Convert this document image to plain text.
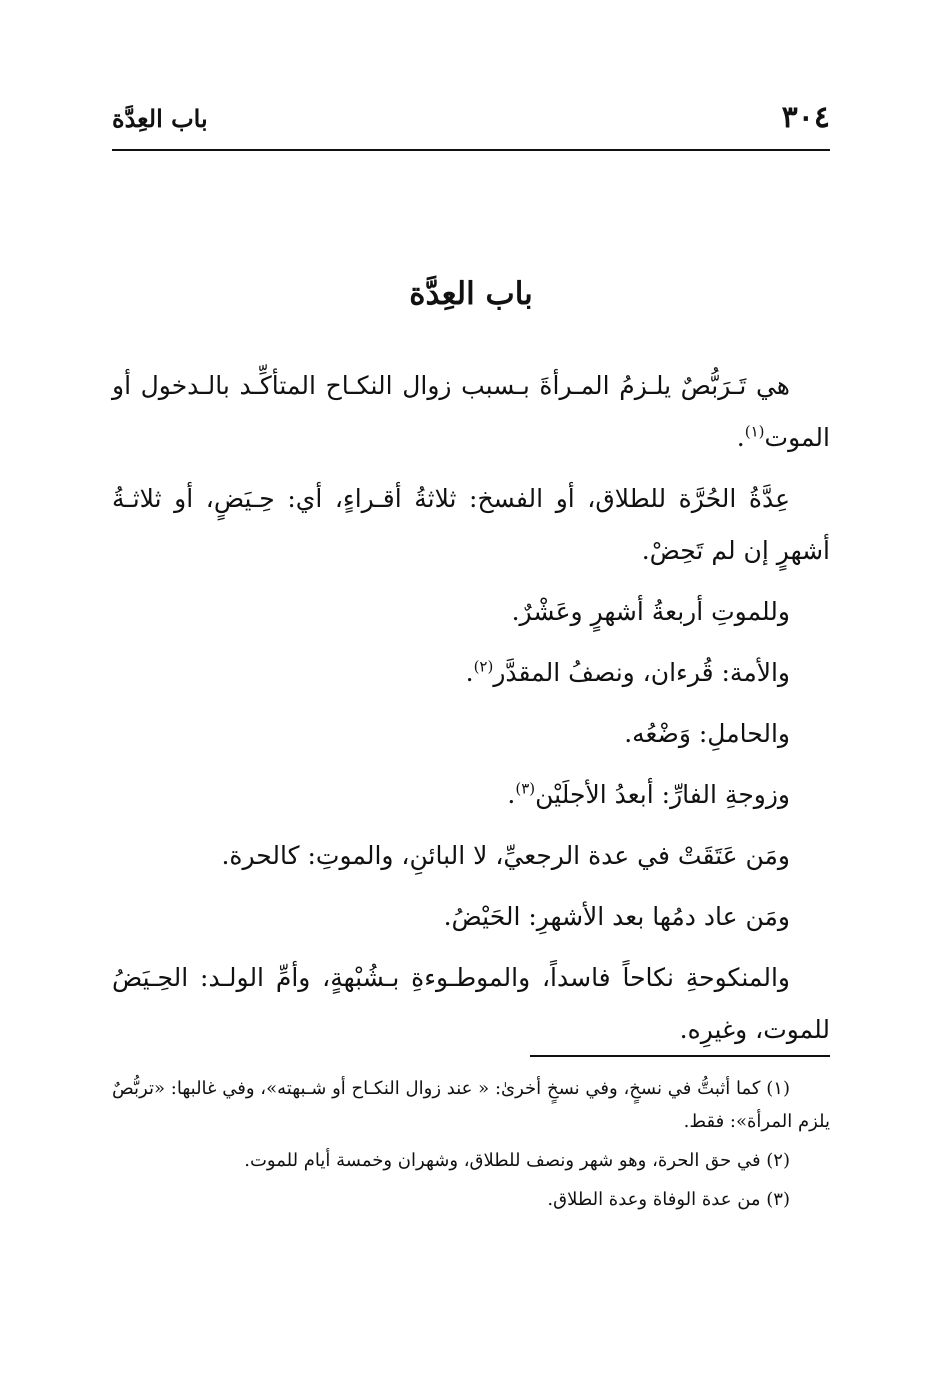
٣٠٤
باب العِدَّة
باب العِدَّة

هي تَـرَبُّصٌ يلـزمُ المـرأةَ بـسبب زوال النكـاح المتأكِّـد بالـدخول أو الموت$^{(١)}$.

عِدَّةُ الحُرَّة للطلاق، أو الفسخ: ثلاثةُ أقـراءٍ، أي: حِـيَضٍ، أو ثلاثـةُ أشهرٍ إن لم تَحِضْ.

وللموتِ أربعةُ أشهرٍ وعَشْرٌ.

والأمة: قُرءان، ونصفُ المقدَّر$^{(٢)}$.

والحاملِ: وَضْعُه.

وزوجةِ الفارِّ: أبعدُ الأجلَيْن$^{(٣)}$.

ومَن عَتَقَتْ في عدة الرجعيِّ، لا البائنِ، والموتِ: كالحرة.

ومَن عاد دمُها بعد الأشهرِ: الحَيْضُ.

والمنكوحةِ نكاحاً فاسداً، والموطـوءةِ بـشُبْهةٍ، وأمِّ الولـد: الحِـيَضُ للموت، وغيرِه.

(١) كما أثبتُّ في نسخٍ، وفي نسخٍ أخرىٰ: « عند زوال النكـاح أو شـبهته»، وفي غالبها: «تربُّصٌ يلزم المرأة»: فقط.

(٢) في حق الحرة، وهو شهر ونصف للطلاق، وشهران وخمسة أيام للموت.

(٣) من عدة الوفاة وعدة الطلاق.
